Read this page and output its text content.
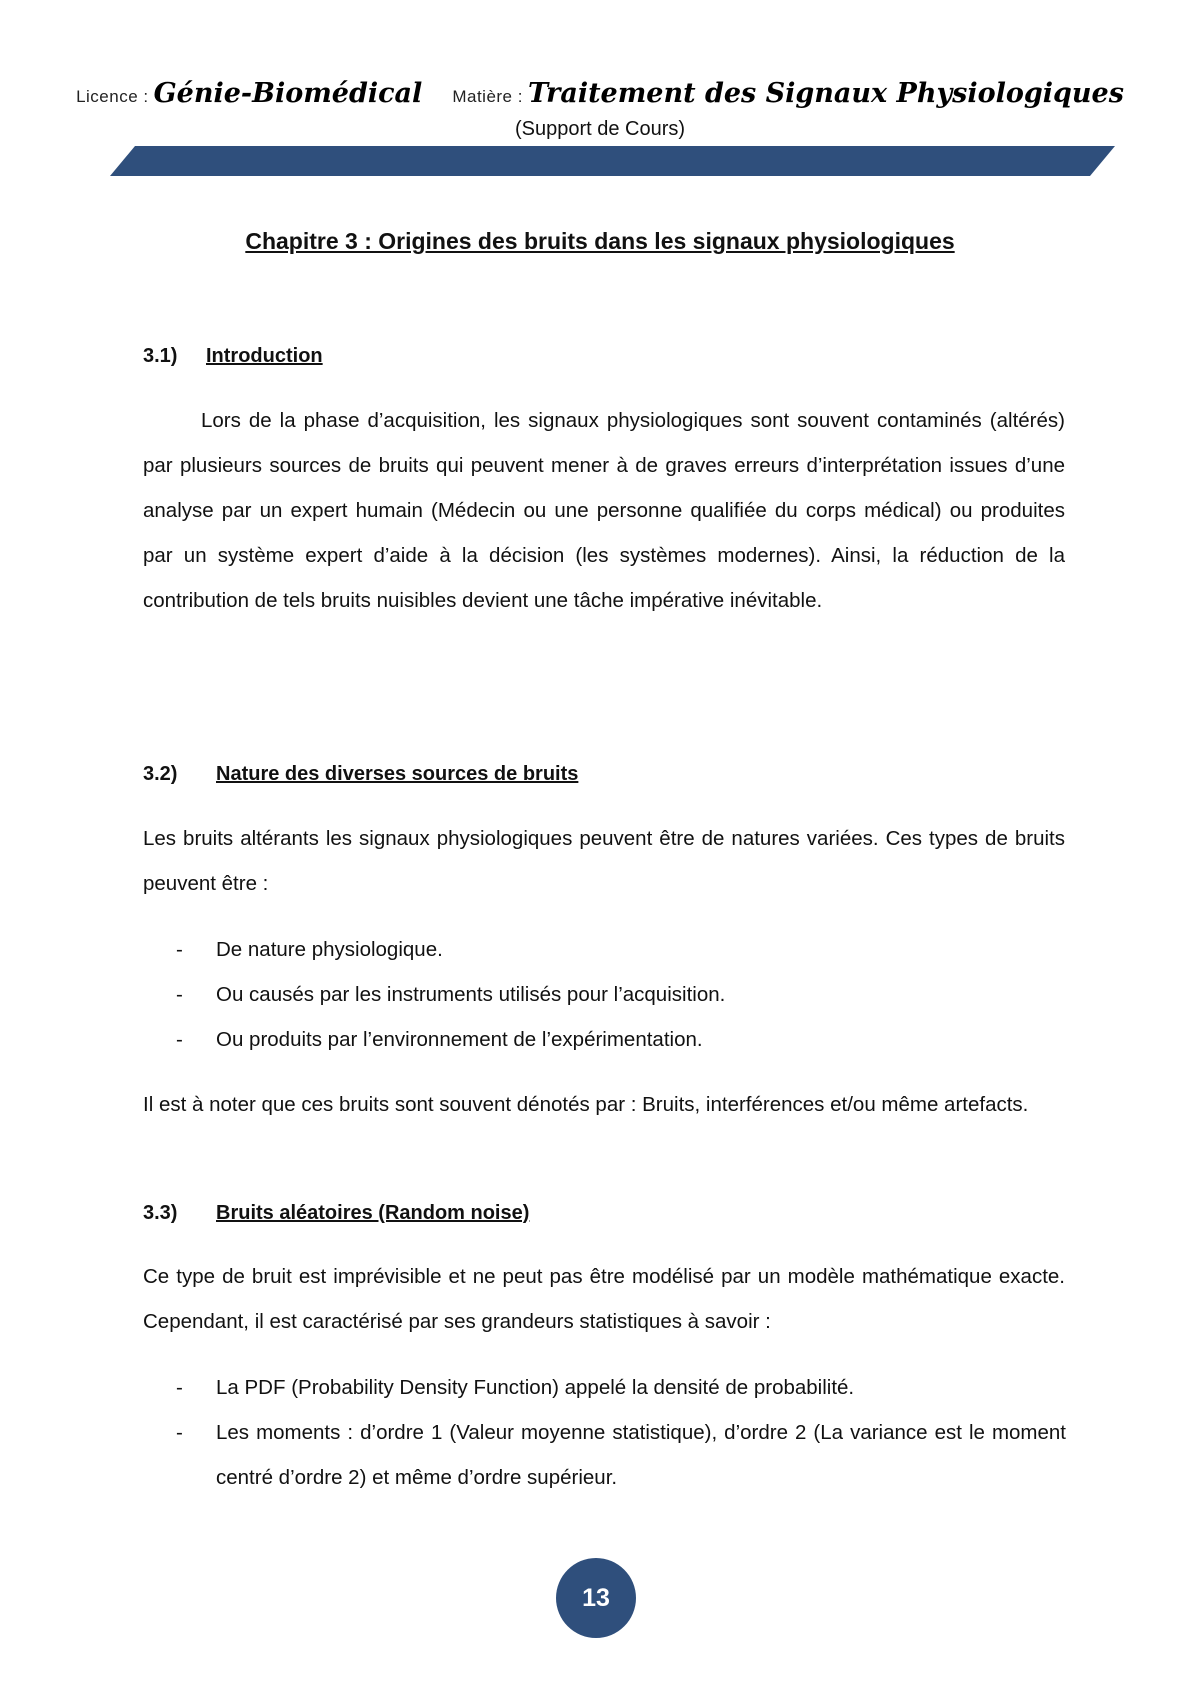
Licence : Génie-Biomédical Matière : Traitement des Signaux Physiologiques
(Support de Cours)
Chapitre 3 : Origines des bruits dans les signaux physiologiques
3.1) Introduction

Lors de la phase d’acquisition, les signaux physiologiques sont souvent contaminés (altérés) par plusieurs sources de bruits qui peuvent mener à de graves erreurs d’interprétation issues d’une analyse par un expert humain (Médecin ou une personne qualifiée du corps médical) ou produites par un système expert d’aide à la décision (les systèmes modernes). Ainsi, la réduction de la contribution de tels bruits nuisibles devient une tâche impérative inévitable.

3.2) Nature des diverses sources de bruits

Les bruits altérants les signaux physiologiques peuvent être de natures variées. Ces types de bruits peuvent être :

- De nature physiologique.
- Ou causés par les instruments utilisés pour l’acquisition.
- Ou produits par l’environnement de l’expérimentation.

Il est à noter que ces bruits sont souvent dénotés par : Bruits, interférences et/ou même artefacts.

3.3) Bruits aléatoires (Random noise)

Ce type de bruit est imprévisible et ne peut pas être modélisé par un modèle mathématique exacte. Cependant, il est caractérisé par ses grandeurs statistiques à savoir :

- La PDF (Probability Density Function) appelé la densité de probabilité.
- Les moments : d’ordre 1 (Valeur moyenne statistique), d’ordre 2 (La variance est le moment centré d’ordre 2) et même d’ordre supérieur.
13
